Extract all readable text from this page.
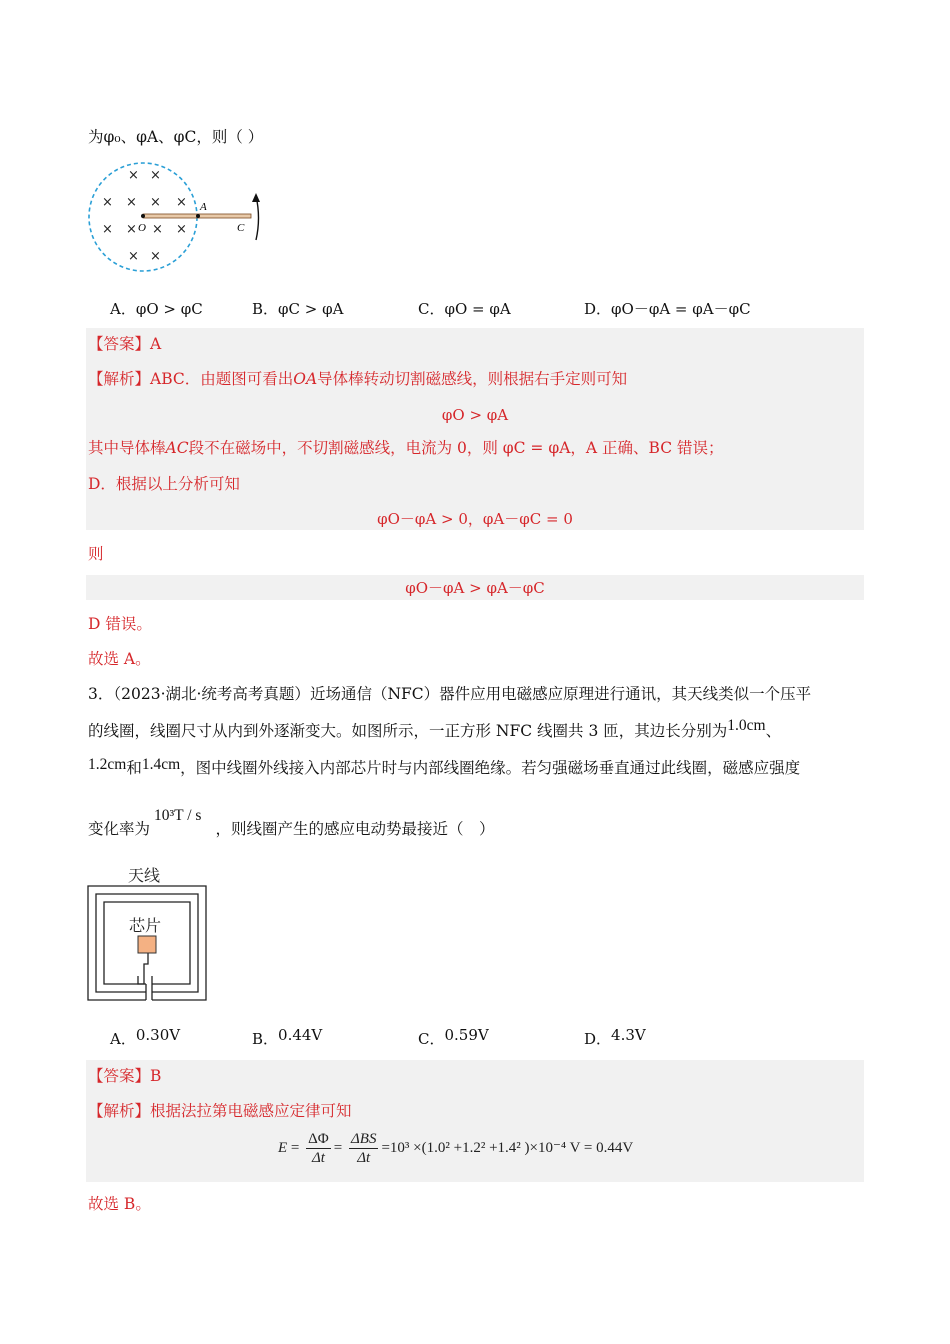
为φ₀、φA、φC，则（ ）
× ×
× × × ×
× × × ×
× ×
O
A
C
A．φO > φC	B．φC > φA	C．φO = φA	D．φO－φA = φA－φC
【答案】A
【解析】ABC．由题图可看出OA导体棒转动切割磁感线，则根据右手定则可知
φO > φA
其中导体棒AC段不在磁场中，不切割磁感线，电流为 0，则 φC = φA，A 正确、BC 错误；
D．根据以上分析可知
φO－φA > 0，φA－φC = 0
则
φO－φA > φA－φC
D 错误。
故选 A。
3．（2023·湖北·统考高考真题）近场通信（NFC）器件应用电磁感应原理进行通讯，其天线类似一个压平
的线圈，线圈尺寸从内到外逐渐变大。如图所示，一正方形 NFC 线圈共 3 匝，其边长分别为1.0cm、
1.2cm和1.4cm，图中线圈外线接入内部芯片时与内部线圈绝缘。若匀强磁场垂直通过此线圈，磁感应强度
变化率为10³T / s，则线圈产生的感应电动势最接近（　）
天线
芯片
A．0.30V	B．0.44V	C．0.59V	D．4.3V
【答案】B
【解析】根据法拉第电磁感应定律可知
$E = \frac{\Delta\Phi}{\Delta t} = \frac{\text{ΔBS}}{\Delta t} =10^3 \times(1.0^2 +1.2^2 +1.4^2$ )×10⁻⁴ V = 0.44V
故选 B。
